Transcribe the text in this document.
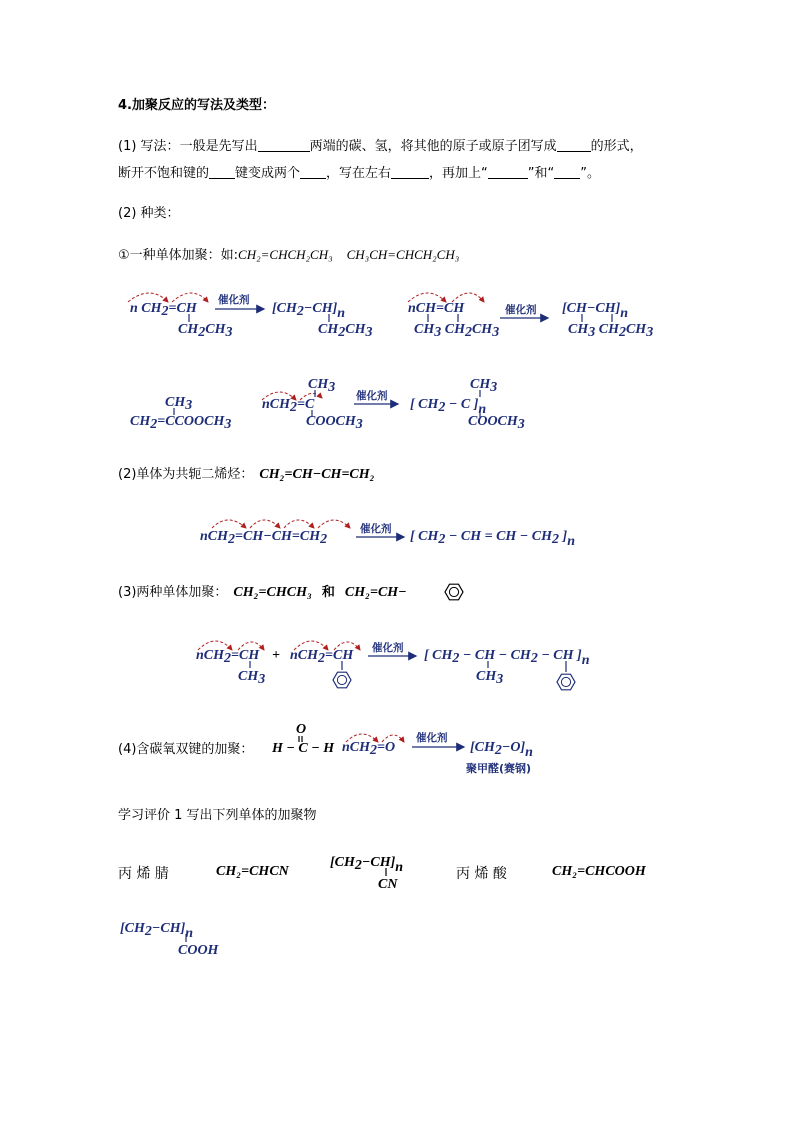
4.加聚反应的写法及类型：
(1) 写法：一般是先写出	两端的碳、氢，将其他的原子或原子团写成	的形式，
断开不饱和键的 键变成两个 ，写在左右	，再加上“	”和“ ”。
(2) 种类：
①一种单体加聚：如:CH₂=CHCH₂CH₃ CH₃CH=CHCH₂CH₃
(2)单体为共轭二烯烃： CH₂=CH−CH=CH₂
(3)两种单体加聚： CH₂=CHCH₃ 和 CH₂=CH−
(4)含碳氧双键的加聚：
学习评价 1 写出下列单体的加聚物
丙 烯 腈	CH₂=CHCN	丙 烯 酸	CH₂=CHCOOH
n CH2=CH
CH2CH3
催化剂
[CH2−CH]n
CH2CH3
nCH=CH
CH3 CH2CH3
催化剂 [CH−CH]n
CH3 CH2CH3
CH3
CH2=CCOOCH3
CH3
nCH2=C
COOCH3
催化剂
CH3
[ CH2 − C ]n
COOCH3
nCH2=CH−CH=CH2
催化剂 [ CH2 − CH = CH − CH2 ]n
nCH2=CH
CH3
+ nCH2=CH 催化剂 [ CH2 − CH − CH2 − CH ]n
CH3
O
H − C − H nCH2=O
催化剂
[CH2−O]n
聚甲醛(赛钢)
[CH2−CH]n
CN
[CH2−CH]n
COOH
